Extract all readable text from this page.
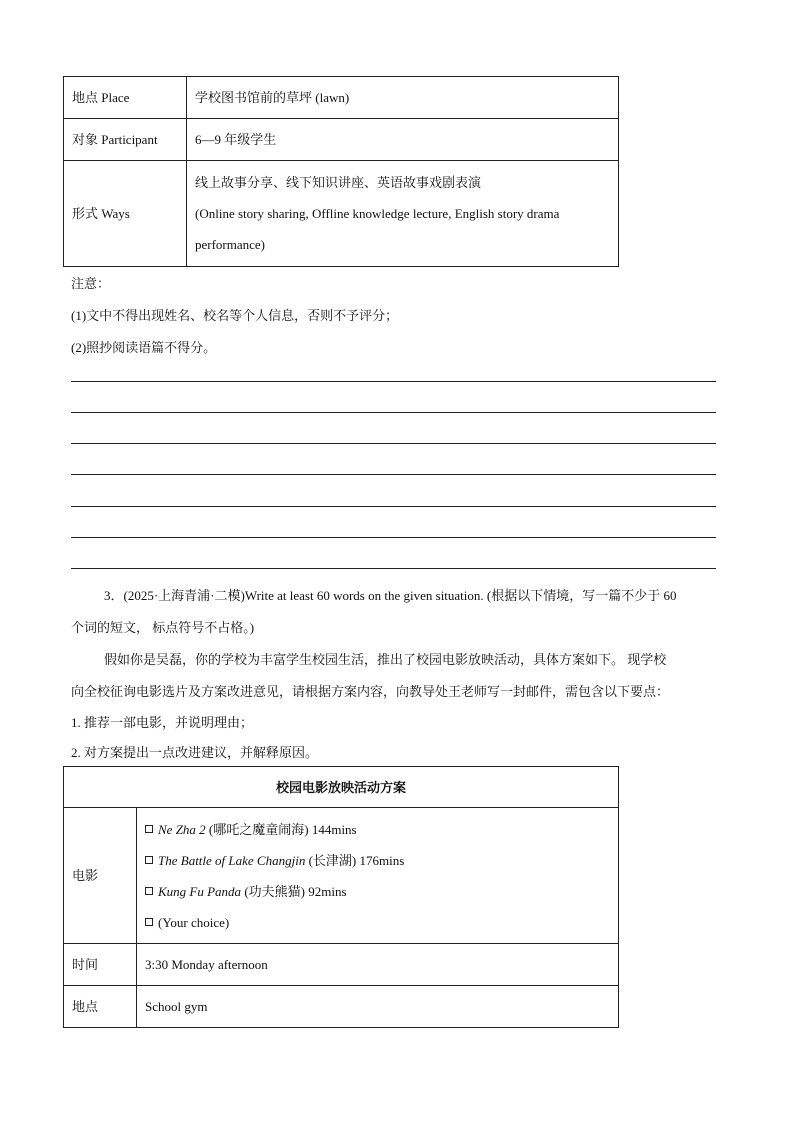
地点 Place	学校图书馆前的草坪 (lawn)
对象 Participant	6—9 年级学生
形式 Ways	线上故事分享、线下知识讲座、英语故事戏剧表演
(Online story sharing, Offline knowledge lecture, English story drama
performance)
注意：
(1)文中不得出现姓名、校名等个人信息，否则不予评分；
(2)照抄阅读语篇不得分。
3．(2025·上海青浦·二模)Write at least 60 words on the given situation. (根据以下情境，写一篇不少于 60
个词的短文， 标点符号不占格。)
假如你是吴磊，你的学校为丰富学生校园生活，推出了校园电影放映活动，具体方案如下。 现学校
向全校征询电影选片及方案改进意见，请根据方案内容，向教导处王老师写一封邮件，需包含以下要点：
1. 推荐一部电影，并说明理由；
2. 对方案提出一点改进建议，并解释原因。
校园电影放映活动方案	
电影	Ne Zha 2 (哪吒之魔童闹海) 144mins
The Battle of Lake Changjin (长津湖) 176mins
Kung Fu Panda (功夫熊猫) 92mins
(Your choice)

时间	3:30 Monday afternoon
地点	School gym
